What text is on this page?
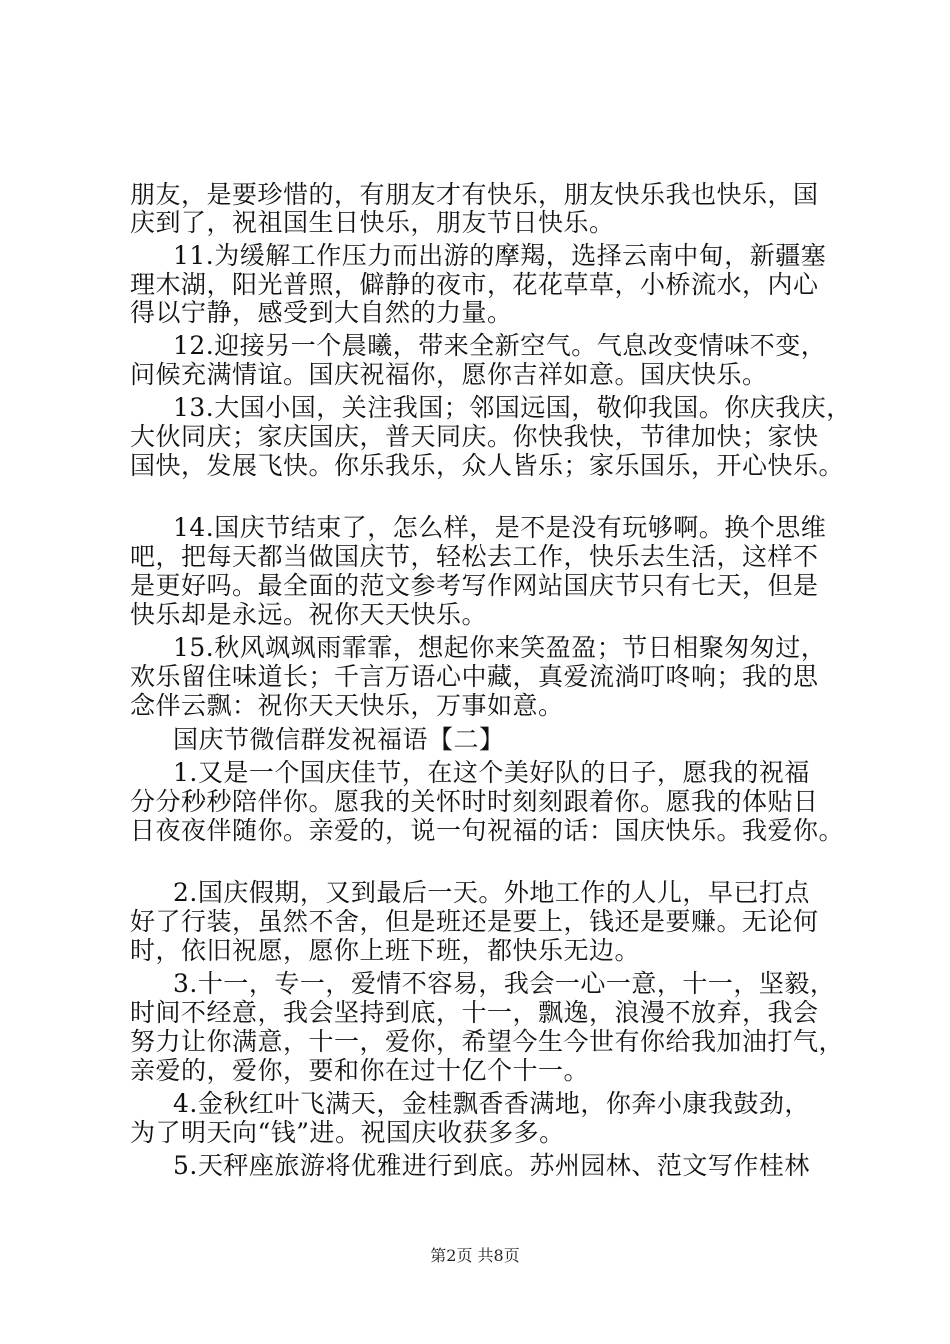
朋友，是要珍惜的，有朋友才有快乐，朋友快乐我也快乐，国
庆到了，祝祖国生日快乐，朋友节日快乐。
11.为缓解工作压力而出游的摩羯，选择云南中甸，新疆塞
理木湖，阳光普照，僻静的夜市，花花草草，小桥流水，内心
得以宁静，感受到大自然的力量。
12.迎接另一个晨曦，带来全新空气。气息改变情味不变，
问候充满情谊。国庆祝福你，愿你吉祥如意。国庆快乐。
13.大国小国，关注我国；邻国远国，敬仰我国。你庆我庆，
大伙同庆；家庆国庆，普天同庆。你快我快，节律加快；家快
国快，发展飞快。你乐我乐，众人皆乐；家乐国乐，开心快乐。
14.国庆节结束了，怎么样，是不是没有玩够啊。换个思维
吧，把每天都当做国庆节，轻松去工作，快乐去生活，这样不
是更好吗。最全面的范文参考写作网站国庆节只有七天，但是
快乐却是永远。祝你天天快乐。
15.秋风飒飒雨霏霏，想起你来笑盈盈；节日相聚匆匆过，
欢乐留住味道长；千言万语心中藏，真爱流淌叮咚响；我的思
念伴云飘：祝你天天快乐，万事如意。
国庆节微信群发祝福语【二】
1.又是一个国庆佳节，在这个美好队的日子，愿我的祝福
分分秒秒陪伴你。愿我的关怀时时刻刻跟着你。愿我的体贴日
日夜夜伴随你。亲爱的，说一句祝福的话：国庆快乐。我爱你。
2.国庆假期，又到最后一天。外地工作的人儿，早已打点
好了行装，虽然不舍，但是班还是要上，钱还是要赚。无论何
时，依旧祝愿，愿你上班下班，都快乐无边。
3.十一，专一，爱情不容易，我会一心一意，十一，坚毅，
时间不经意，我会坚持到底，十一，飘逸，浪漫不放弃，我会
努力让你满意，十一，爱你，希望今生今世有你给我加油打气，
亲爱的，爱你，要和你在过十亿个十一。
4.金秋红叶飞满天，金桂飘香香满地，你奔小康我鼓劲，
为了明天向“钱”进。祝国庆收获多多。
5.天秤座旅游将优雅进行到底。苏州园林、范文写作桂林
第2页 共8页
